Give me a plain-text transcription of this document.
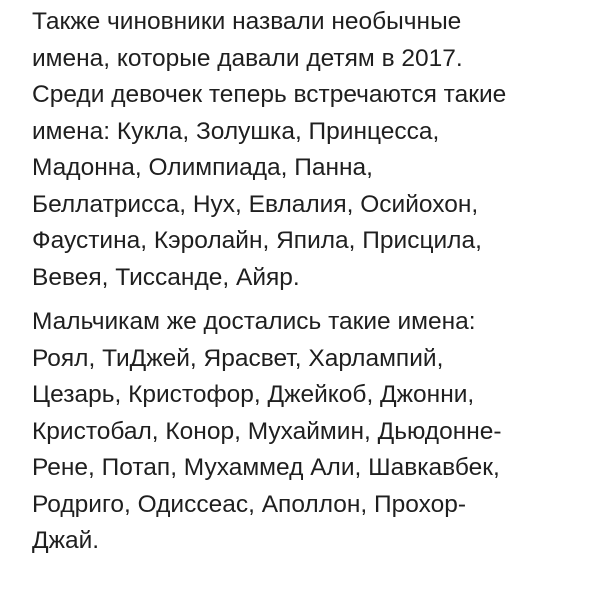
Также чиновники назвали необычные
имена, которые давали детям в 2017.
Среди девочек теперь встречаются такие
имена: Кукла, Золушка, Принцесса,
Мадонна, Олимпиада, Панна,
Беллатрисса, Нух, Евлалия, Осийохон,
Фаустина, Кэролайн, Япила, Присцила,
Вевея, Тиссанде, Айяр.

Мальчикам же достались такие имена:
Роял, ТиДжей, Ярасвет, Харлампий,
Цезарь, Кристофор, Джейкоб, Джонни,
Кристобал, Конор, Мухаймин, Дьюдонне-
Рене, Потап, Мухаммед Али, Шавкавбек,
Родриго, Одиссеас, Аполлон, Прохор-
Джай.
